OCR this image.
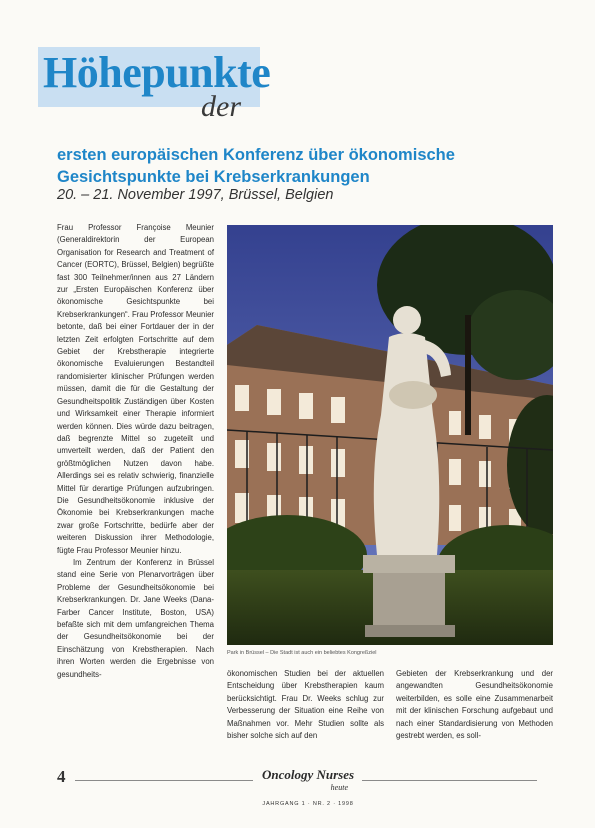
Höhepunkte
der
ersten europäischen Konferenz über ökonomische Gesichtspunkte bei Krebserkrankungen

20. – 21. November 1997, Brüssel, Belgien

Frau Professor Françoise Meunier (Generaldirektorin der European Organisation for Research and Treatment of Cancer (EORTC), Brüssel, Belgien) begrüßte fast 300 Teilnehmer/innen aus 27 Ländern zur „Ersten Europäischen Konferenz über ökonomische Gesichtspunkte bei Krebserkrankungen“. Frau Professor Meunier betonte, daß bei einer Fortdauer der in der letzten Zeit erfolgten Fortschritte auf dem Gebiet der Krebstherapie integrierte ökonomische Evaluierungen Bestandteil randomisierter klinischer Prüfungen werden müssen, damit die für die Gestaltung der Gesundheitspolitik Zuständigen über Kosten und Wirksamkeit einer Therapie informiert werden können. Dies würde dazu beitragen, daß begrenzte Mittel so zugeteilt und umverteilt werden, daß der Patient den größtmöglichen Nutzen davon habe. Allerdings sei es relativ schwierig, finanzielle Mittel für derartige Prüfungen aufzubringen. Die Gesundheitsökonomie inklusive der Ökonomie bei Krebserkrankungen mache zwar große Fortschritte, bedürfe aber der weiteren Diskussion ihrer Methodologie, fügte Frau Professor Meunier hinzu.

Im Zentrum der Konferenz in Brüssel stand eine Serie von Plenarvorträgen über Probleme der Gesundheitsökonomie bei Krebserkrankungen. Dr. Jane Weeks (Dana-Farber Cancer Institute, Boston, USA) befaßte sich mit dem umfangreichen Thema der Gesundheitsökonomie bei der Einschätzung von Krebstherapien. Nach ihren Worten werden die Ergebnisse von gesundheits-

Park in Brüssel – Die Stadt ist auch ein beliebtes Kongreßziel

ökonomischen Studien bei der aktuellen Entscheidung über Krebstherapien kaum berücksichtigt. Frau Dr. Weeks schlug zur Verbesserung der Situation eine Reihe von Maßnahmen vor. Mehr Studien sollte als bisher solche sich auf den

Gebieten der Krebserkrankung und der angewandten Gesundheitsökonomie weiterbilden, es solle eine Zusammenarbeit mit der klinischen Forschung aufgebaut und nach einer Standardisierung von Methoden gestrebt werden, es soll-

4	Oncology Nurses
heute
JAHRGANG 1 · NR. 2 · 1998
